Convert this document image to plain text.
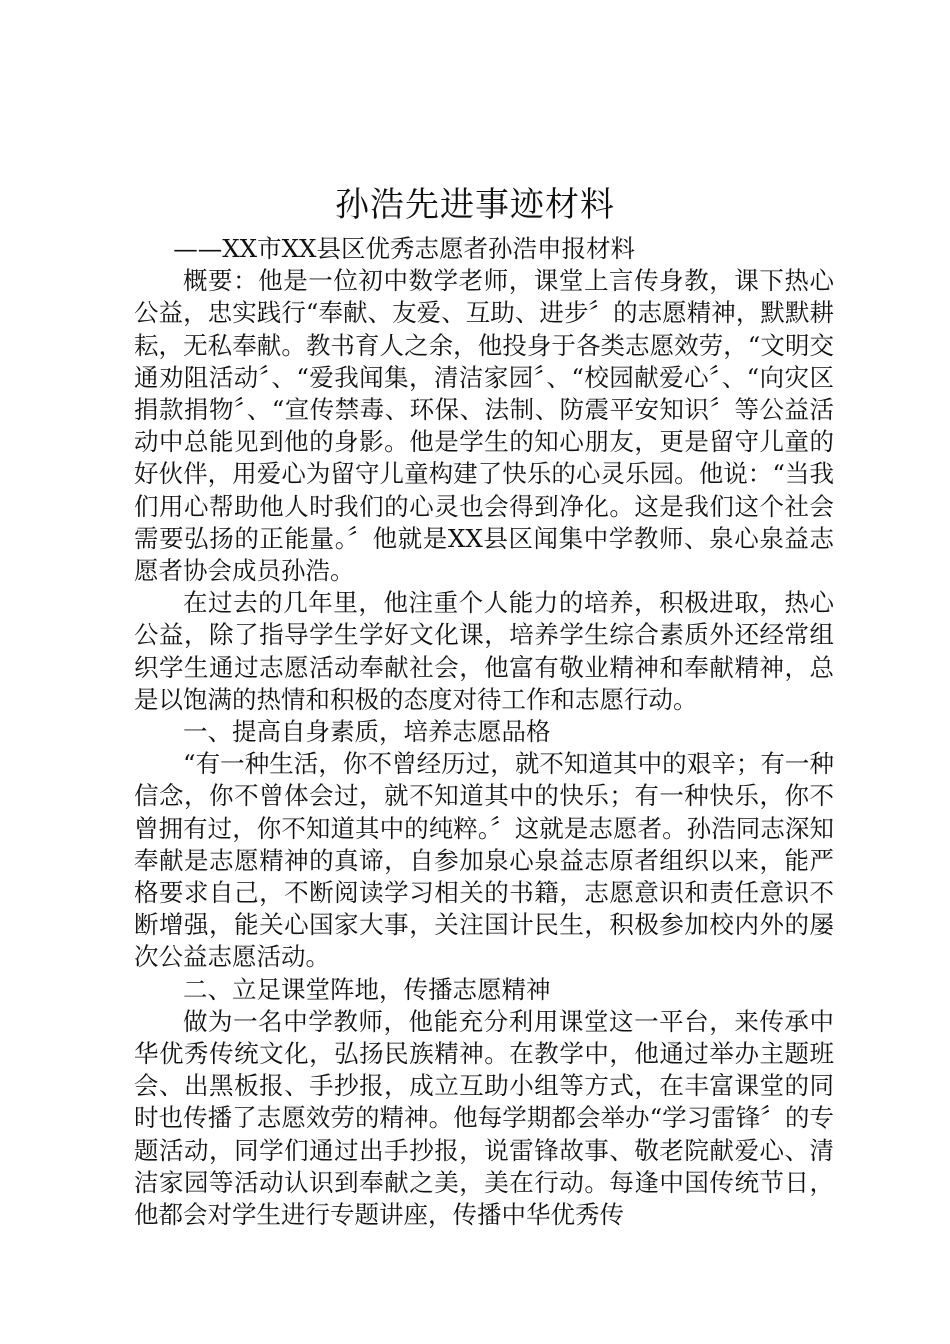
孙浩先进事迹材料

——XX市XX县区优秀志愿者孙浩申报材料

概要：他是一位初中数学老师，课堂上言传身教，课下热心公益，忠实践行“奉献、友爱、互助、进步〞的志愿精神，默默耕耘，无私奉献。教书育人之余，他投身于各类志愿效劳，“文明交通劝阻活动〞、“爱我闻集，清洁家园〞、“校园献爱心〞、“向灾区捐款捐物〞、“宣传禁毒、环保、法制、防震平安知识〞等公益活动中总能见到他的身影。他是学生的知心朋友，更是留守儿童的好伙伴，用爱心为留守儿童构建了快乐的心灵乐园。他说：“当我们用心帮助他人时我们的心灵也会得到净化。这是我们这个社会需要弘扬的正能量。〞他就是XX县区闻集中学教师、泉心泉益志愿者协会成员孙浩。

在过去的几年里，他注重个人能力的培养，积极进取，热心公益，除了指导学生学好文化课，培养学生综合素质外还经常组织学生通过志愿活动奉献社会，他富有敬业精神和奉献精神，总是以饱满的热情和积极的态度对待工作和志愿行动。

一、提高自身素质，培养志愿品格

“有一种生活，你不曾经历过，就不知道其中的艰辛；有一种信念，你不曾体会过，就不知道其中的快乐；有一种快乐，你不曾拥有过，你不知道其中的纯粹。〞这就是志愿者。孙浩同志深知奉献是志愿精神的真谛，自参加泉心泉益志原者组织以来，能严格要求自己，不断阅读学习相关的书籍，志愿意识和责任意识不断增强，能关心国家大事，关注国计民生，积极参加校内外的屡次公益志愿活动。

二、立足课堂阵地，传播志愿精神

做为一名中学教师，他能充分利用课堂这一平台，来传承中华优秀传统文化，弘扬民族精神。在教学中，他通过举办主题班会、出黑板报、手抄报，成立互助小组等方式，在丰富课堂的同时也传播了志愿效劳的精神。他每学期都会举办“学习雷锋〞的专题活动，同学们通过出手抄报，说雷锋故事、敬老院献爱心、清洁家园等活动认识到奉献之美，美在行动。每逢中国传统节日，他都会对学生进行专题讲座，传播中华优秀传
